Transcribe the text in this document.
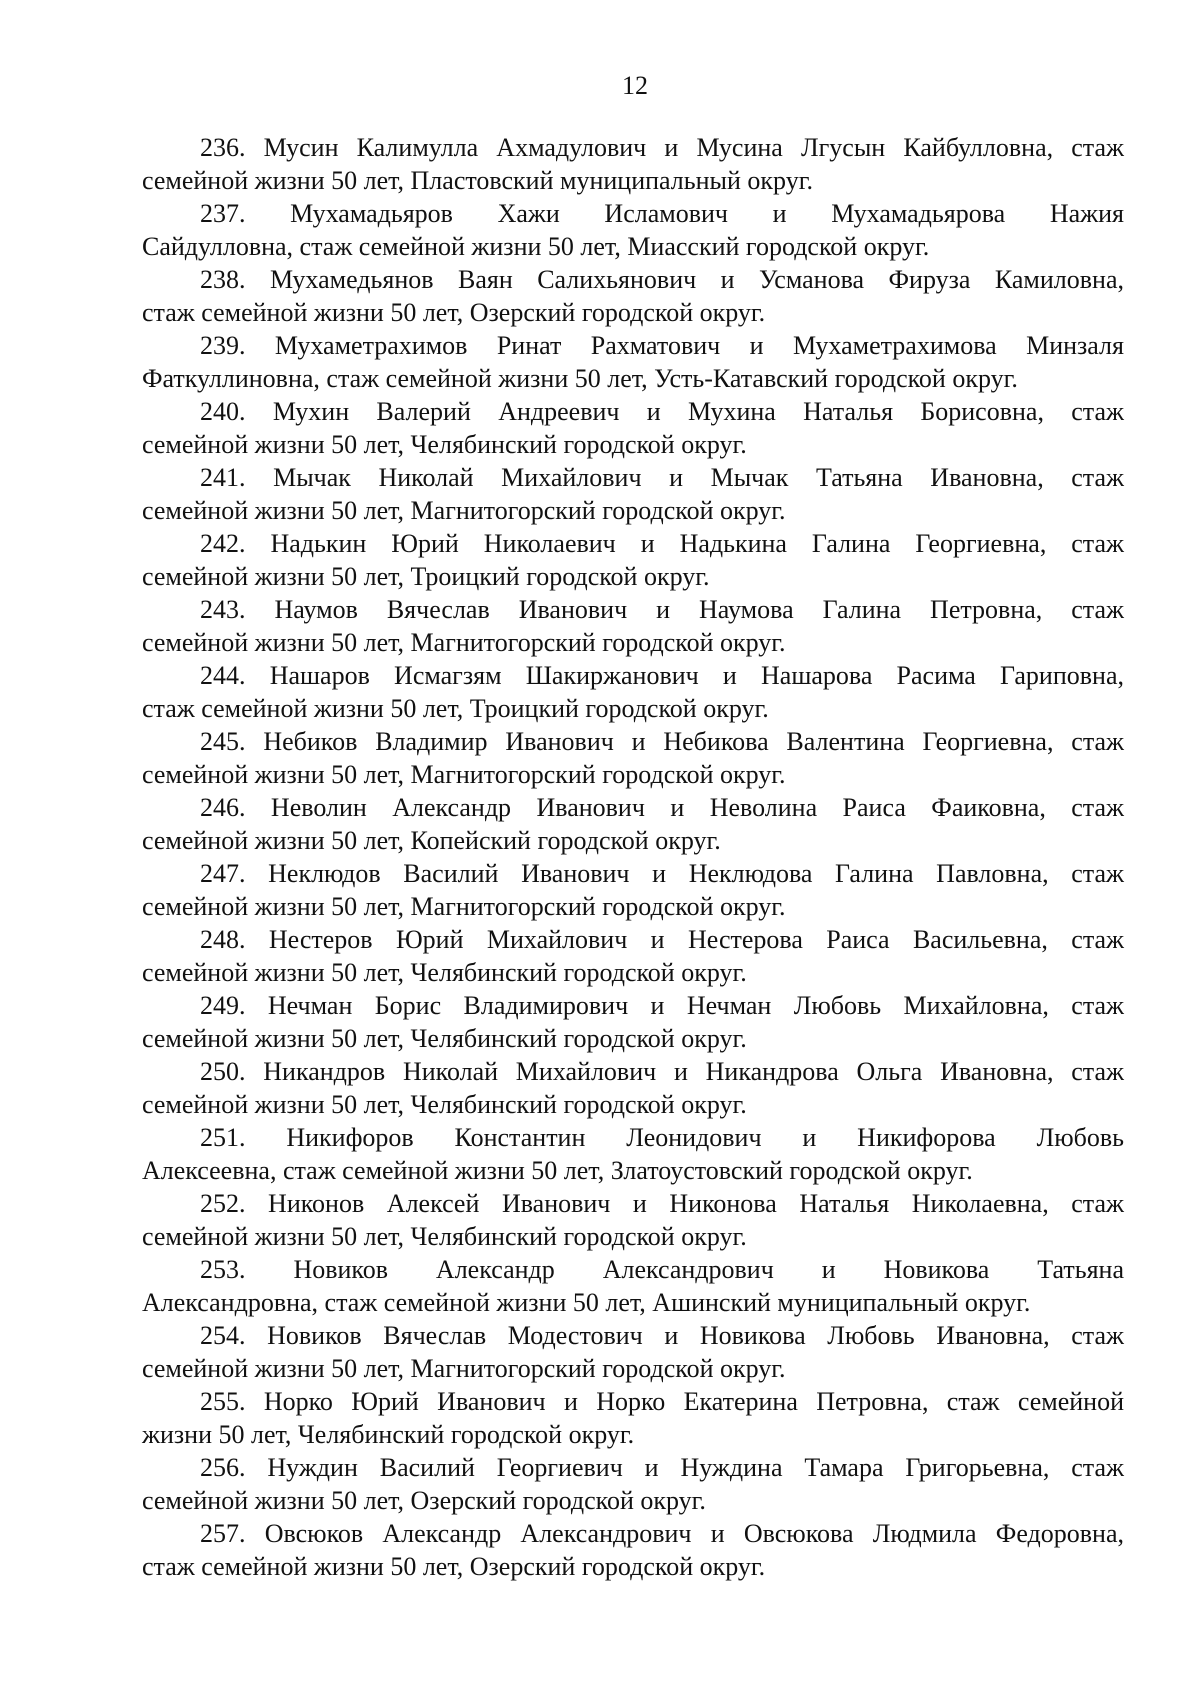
12

236. Мусин Калимулла Ахмадулович и Мусина Лгусын Кайбулловна, стаж
семейной жизни 50 лет, Пластовский муниципальный округ.

237. Мухамадьяров Хажи Исламович и Мухамадьярова Нажия
Сайдулловна, стаж семейной жизни 50 лет, Миасский городской округ.

238. Мухамедьянов Ваян Салихьянович и Усманова Фируза Камиловна,
стаж семейной жизни 50 лет, Озерский городской округ.

239. Мухаметрахимов Ринат Рахматович и Мухаметрахимова Минзаля
Фаткуллиновна, стаж семейной жизни 50 лет, Усть-Катавский городской округ.

240. Мухин Валерий Андреевич и Мухина Наталья Борисовна, стаж
семейной жизни 50 лет, Челябинский городской округ.

241. Мычак Николай Михайлович и Мычак Татьяна Ивановна, стаж
семейной жизни 50 лет, Магнитогорский городской округ.

242. Надькин Юрий Николаевич и Надькина Галина Георгиевна, стаж
семейной жизни 50 лет, Троицкий городской округ.

243. Наумов Вячеслав Иванович и Наумова Галина Петровна, стаж
семейной жизни 50 лет, Магнитогорский городской округ.

244. Нашаров Исмагзям Шакиржанович и Нашарова Расима Гариповна,
стаж семейной жизни 50 лет, Троицкий городской округ.

245. Небиков Владимир Иванович и Небикова Валентина Георгиевна, стаж
семейной жизни 50 лет, Магнитогорский городской округ.

246. Неволин Александр Иванович и Неволина Раиса Фаиковна, стаж
семейной жизни 50 лет, Копейский городской округ.

247. Неклюдов Василий Иванович и Неклюдова Галина Павловна, стаж
семейной жизни 50 лет, Магнитогорский городской округ.

248. Нестеров Юрий Михайлович и Нестерова Раиса Васильевна, стаж
семейной жизни 50 лет, Челябинский городской округ.

249. Нечман Борис Владимирович и Нечман Любовь Михайловна, стаж
семейной жизни 50 лет, Челябинский городской округ.

250. Никандров Николай Михайлович и Никандрова Ольга Ивановна, стаж
семейной жизни 50 лет, Челябинский городской округ.

251. Никифоров Константин Леонидович и Никифорова Любовь
Алексеевна, стаж семейной жизни 50 лет, Златоустовский городской округ.

252. Никонов Алексей Иванович и Никонова Наталья Николаевна, стаж
семейной жизни 50 лет, Челябинский городской округ.

253. Новиков Александр Александрович и Новикова Татьяна
Александровна, стаж семейной жизни 50 лет, Ашинский муниципальный округ.

254. Новиков Вячеслав Модестович и Новикова Любовь Ивановна, стаж
семейной жизни 50 лет, Магнитогорский городской округ.

255. Норко Юрий Иванович и Норко Екатерина Петровна, стаж семейной
жизни 50 лет, Челябинский городской округ.

256. Нуждин Василий Георгиевич и Нуждина Тамара Григорьевна, стаж
семейной жизни 50 лет, Озерский городской округ.

257. Овсюков Александр Александрович и Овсюкова Людмила Федоровна,
стаж семейной жизни 50 лет, Озерский городской округ.
